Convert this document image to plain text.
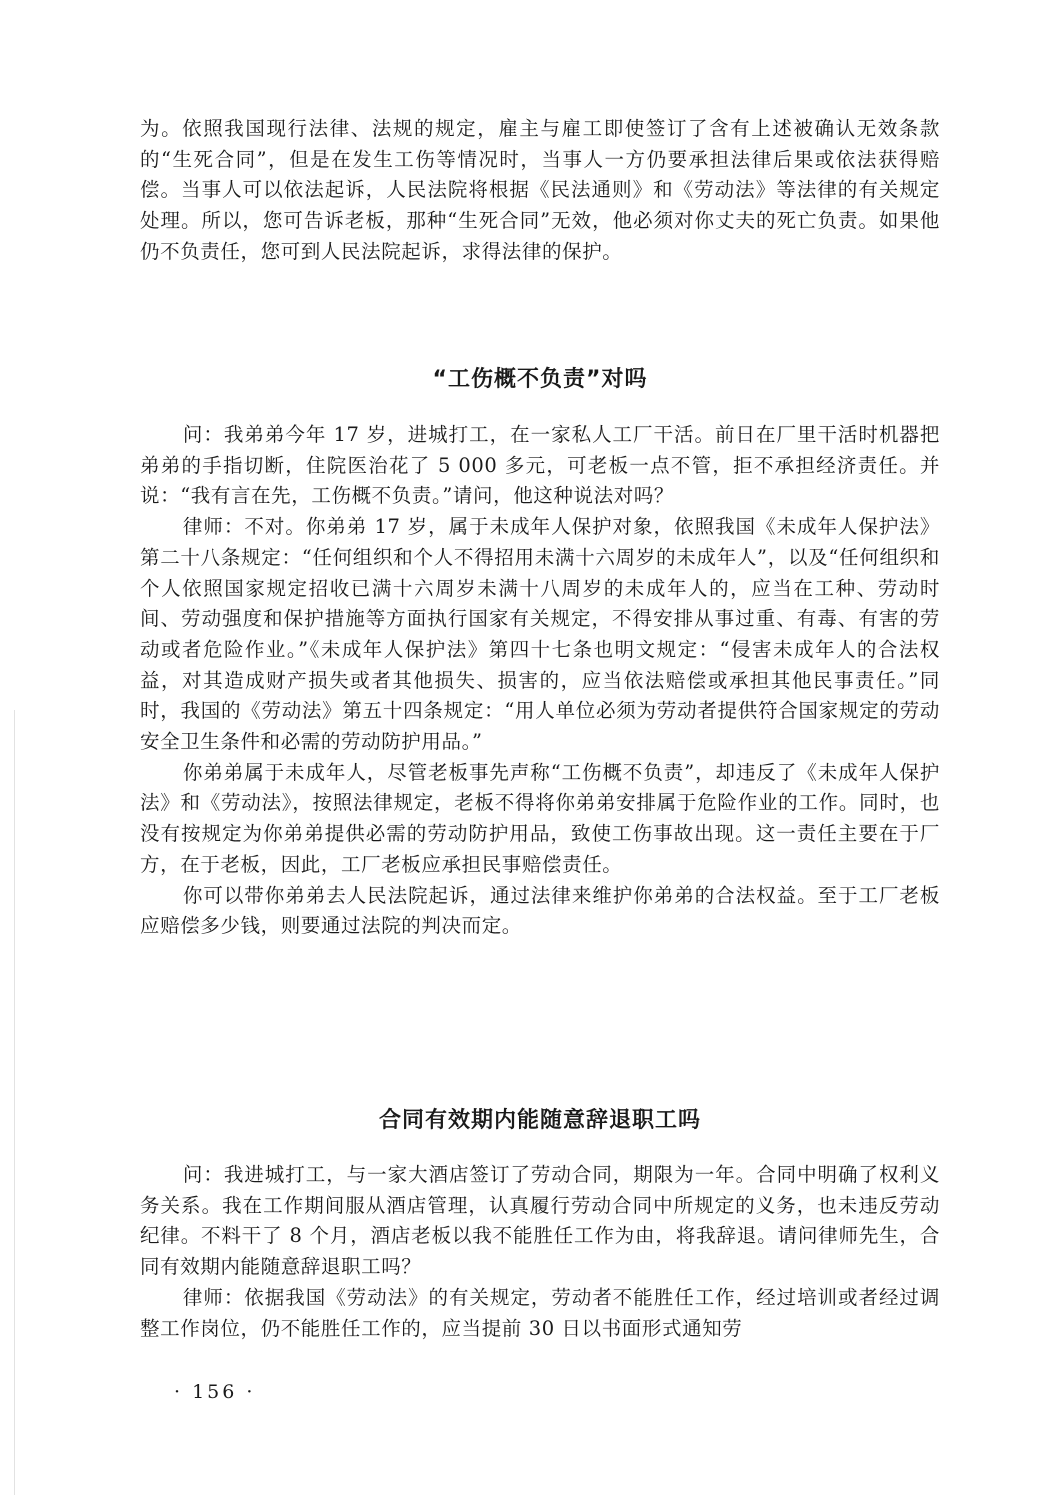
为。依照我国现行法律、法规的规定，雇主与雇工即使签订了含有上述被确认无效条款的“生死合同”，但是在发生工伤等情况时，当事人一方仍要承担法律后果或依法获得赔偿。当事人可以依法起诉，人民法院将根据《民法通则》和《劳动法》等法律的有关规定处理。所以，您可告诉老板，那种“生死合同”无效，他必须对你丈夫的死亡负责。如果他仍不负责任，您可到人民法院起诉，求得法律的保护。

“工伤概不负责”对吗

问：我弟弟今年 17 岁，进城打工，在一家私人工厂干活。前日在厂里干活时机器把弟弟的手指切断，住院医治花了 5 000 多元，可老板一点不管，拒不承担经济责任。并说：“我有言在先，工伤概不负责。”请问，他这种说法对吗？

律师：不对。你弟弟 17 岁，属于未成年人保护对象，依照我国《未成年人保护法》第二十八条规定：“任何组织和个人不得招用未满十六周岁的未成年人”，以及“任何组织和个人依照国家规定招收已满十六周岁未满十八周岁的未成年人的，应当在工种、劳动时间、劳动强度和保护措施等方面执行国家有关规定，不得安排从事过重、有毒、有害的劳动或者危险作业。”《未成年人保护法》第四十七条也明文规定：“侵害未成年人的合法权益，对其造成财产损失或者其他损失、损害的，应当依法赔偿或承担其他民事责任。”同时，我国的《劳动法》第五十四条规定：“用人单位必须为劳动者提供符合国家规定的劳动安全卫生条件和必需的劳动防护用品。”

你弟弟属于未成年人，尽管老板事先声称“工伤概不负责”，却违反了《未成年人保护法》和《劳动法》，按照法律规定，老板不得将你弟弟安排属于危险作业的工作。同时，也没有按规定为你弟弟提供必需的劳动防护用品，致使工伤事故出现。这一责任主要在于厂方，在于老板，因此，工厂老板应承担民事赔偿责任。

你可以带你弟弟去人民法院起诉，通过法律来维护你弟弟的合法权益。至于工厂老板应赔偿多少钱，则要通过法院的判决而定。

合同有效期内能随意辞退职工吗

问：我进城打工，与一家大酒店签订了劳动合同，期限为一年。合同中明确了权利义务关系。我在工作期间服从酒店管理，认真履行劳动合同中所规定的义务，也未违反劳动纪律。不料干了 8 个月，酒店老板以我不能胜任工作为由，将我辞退。请问律师先生，合同有效期内能随意辞退职工吗？

律师：依据我国《劳动法》的有关规定，劳动者不能胜任工作，经过培训或者经过调整工作岗位，仍不能胜任工作的，应当提前 30 日以书面形式通知劳

· 156 ·
